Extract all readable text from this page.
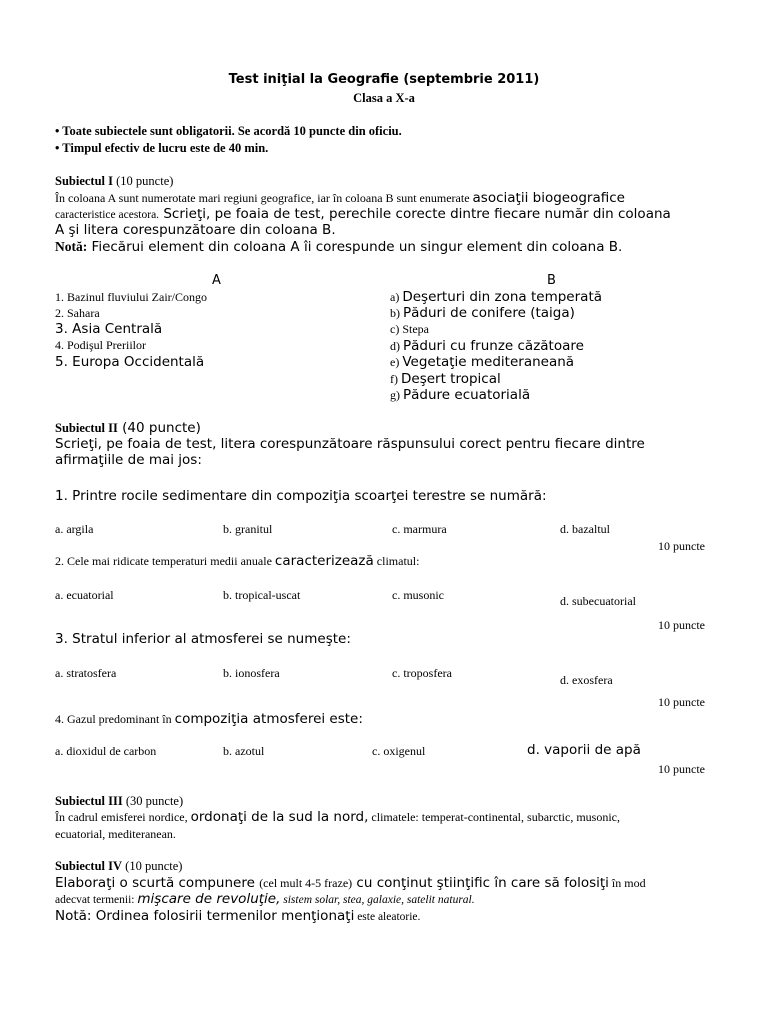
Test iniţial la Geografie (septembrie 2011)
Clasa a X-a
• Toate subiectele sunt obligatorii. Se acordă 10 puncte din oficiu.
• Timpul efectiv de lucru este de 40 min.
Subiectul I (10 puncte)
În coloana A sunt numerotate mari regiuni geografice, iar în coloana B sunt enumerate asociaţii biogeografice
caracteristice acestora. Scrieţi, pe foaia de test, perechile corecte dintre fiecare număr din coloana
A şi litera corespunzătoare din coloana B.
Notă: Fiecărui element din coloana A îi corespunde un singur element din coloana B.
A	B
1. Bazinul fluviului Zair/Congo
2. Sahara
3. Asia Centrală
4. Podişul Preriilor
5. Europa Occidentală
a) Deşerturi din zona temperată
b) Păduri de conifere (taiga)
c) Stepa
d) Păduri cu frunze căzătoare
e) Vegetaţie mediteraneană
f) Deşert tropical
g) Pădure ecuatorială
Subiectul II (40 puncte)
Scrieţi, pe foaia de test, litera corespunzătoare răspunsului corect pentru fiecare dintre
afirmaţiile de mai jos:
1. Printre rocile sedimentare din compoziţia scoarţei terestre se numără:
a. argila	b. granitul	c. marmura	d. bazaltul
10 puncte
2. Cele mai ridicate temperaturi medii anuale caracterizează climatul:
a. ecuatorial	b. tropical-uscat	c. musonic	d. subecuatorial
10 puncte
3. Stratul inferior al atmosferei se numeşte:
a. stratosfera	b. ionosfera	c. troposfera	d. exosfera
10 puncte
4. Gazul predominant în compoziţia atmosferei este:
a. dioxidul de carbon	b. azotul	c. oxigenul	d. vaporii de apă
10 puncte
Subiectul III (30 puncte)
În cadrul emisferei nordice, ordonaţi de la sud la nord, climatele: temperat-continental, subarctic, musonic,
ecuatorial, mediteranean.
Subiectul IV (10 puncte)
Elaboraţi o scurtă compunere (cel mult 4-5 fraze) cu conţinut ştiinţific în care să folosiţi în mod
adecvat termenii: mişcare de revoluţie, sistem solar, stea, galaxie, satelit natural.
Notă: Ordinea folosirii termenilor menţionaţi este aleatorie.
